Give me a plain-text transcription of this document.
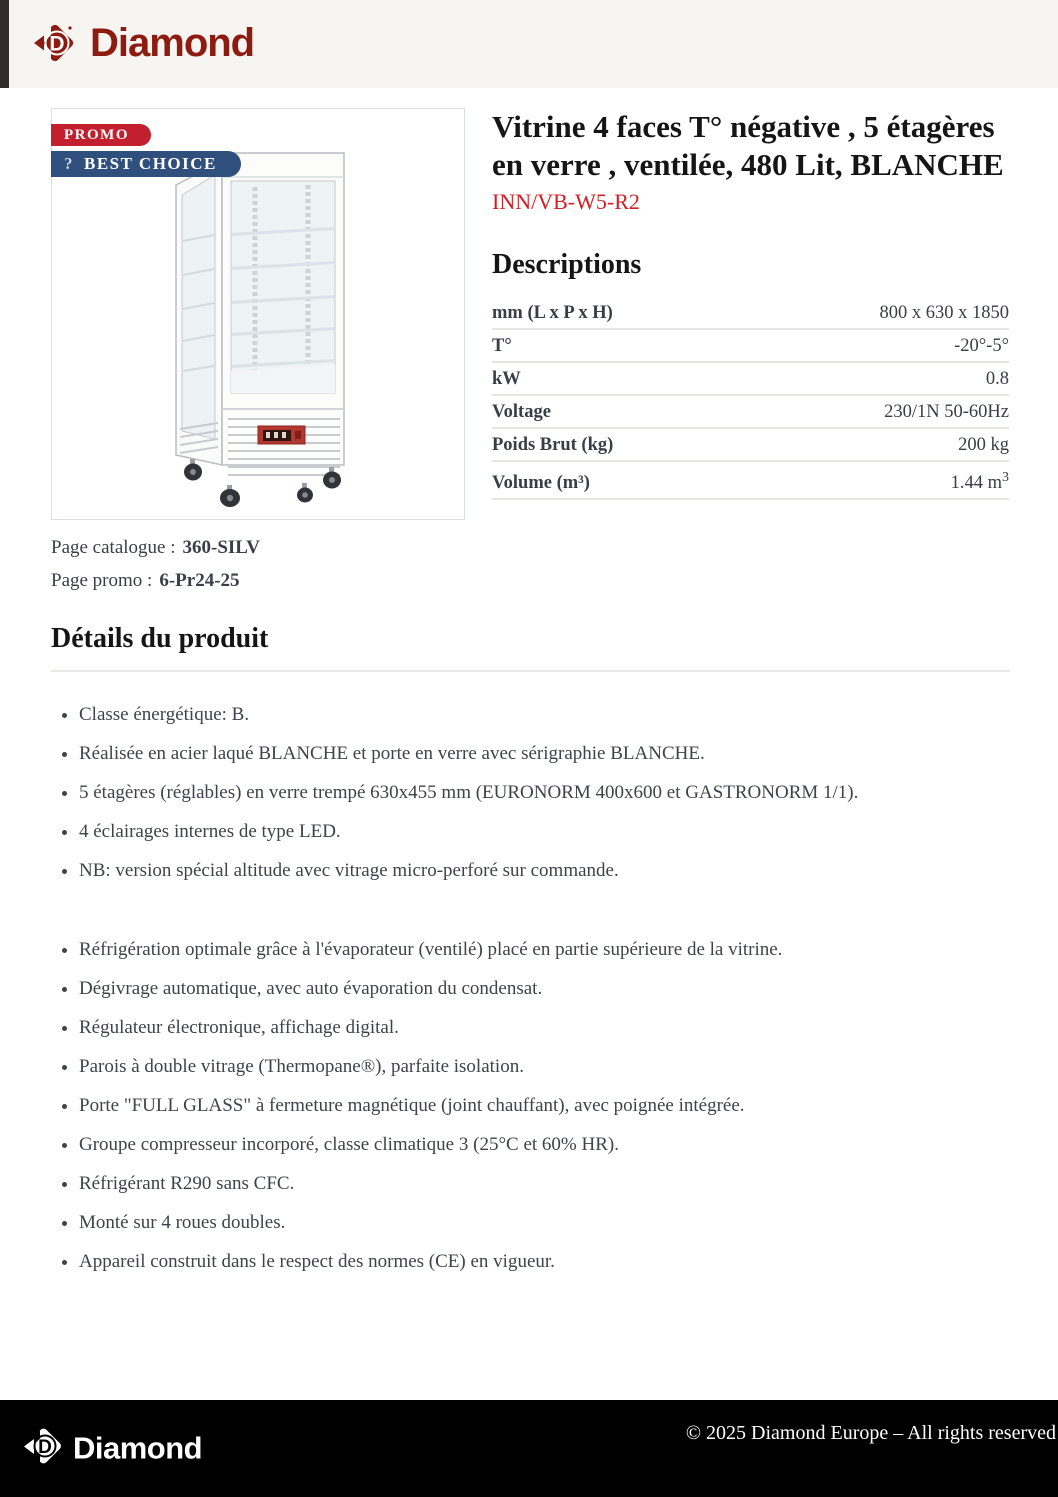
D Diamond
PROMO
? BEST CHOICE
Vitrine 4 faces T° négative , 5 étagères en verre , ventilée, 480 Lit, BLANCHE
INN/VB-W5-R2
Descriptions
mm (L x P x H)	800 x 630 x 1850
T°	-20°-5°
kW	0.8
Voltage	230/1N 50-60Hz
Poids Brut (kg)	200 kg
Volume (m³)	1.44 $m^3$

Page catalogue : 360-SILV

Page promo : 6-Pr24-25

Détails du produit
• Classe énergétique: B.
• Réalisée en acier laqué BLANCHE et porte en verre avec sérigraphie BLANCHE.
• 5 étagères (réglables) en verre trempé 630x455 mm (EURONORM 400x600 et GASTRONORM 1/1).
• 4 éclairages internes de type LED.
• NB: version spécial altitude avec vitrage micro-perforé sur commande.
• Réfrigération optimale grâce à l'évaporateur (ventilé) placé en partie supérieure de la vitrine.
• Dégivrage automatique, avec auto évaporation du condensat.
• Régulateur électronique, affichage digital.
• Parois à double vitrage (Thermopane®), parfaite isolation.
• Porte "FULL GLASS" à fermeture magnétique (joint chauffant), avec poignée intégrée.
• Groupe compresseur incorporé, classe climatique 3 (25°C et 60% HR).
• Réfrigérant R290 sans CFC.
• Monté sur 4 roues doubles.
• Appareil construit dans le respect des normes (CE) en vigueur.
D Diamond	© 2025 Diamond Europe – All rights reserved
